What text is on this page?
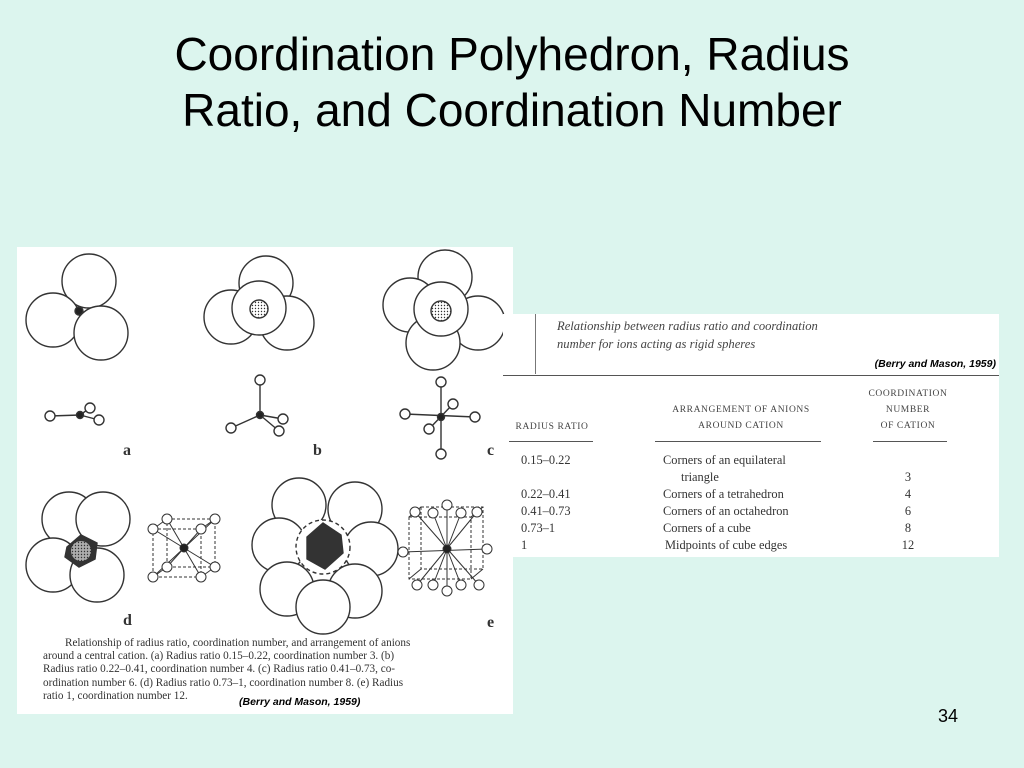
Coordination Polyhedron, Radius
Ratio, and Coordination Number
a	b	c
d	e
Relationship of radius ratio, coordination number, and arrangement of anions
around a central cation. (a) Radius ratio 0.15–0.22, coordination number 3. (b)
Radius ratio 0.22–0.41, coordination number 4. (c) Radius ratio 0.41–0.73, co-
ordination number 6. (d) Radius ratio 0.73–1, coordination number 8. (e) Radius
ratio 1, coordination number 12.
(Berry and Mason, 1959)
Relationship between radius ratio and coordination
number for ions acting as rigid spheres
(Berry and Mason, 1959)
RADIUS RATIO
ARRANGEMENT OF ANIONS
AROUND CATION
COORDINATION
NUMBER
OF CATION
0.15–0.22	Corners of an equilateral
triangle	3
0.22–0.41	Corners of a tetrahedron	4
0.41–0.73	Corners of an octahedron	6
0.73–1	Corners of a cube	8
1	Midpoints of cube edges	12
34
